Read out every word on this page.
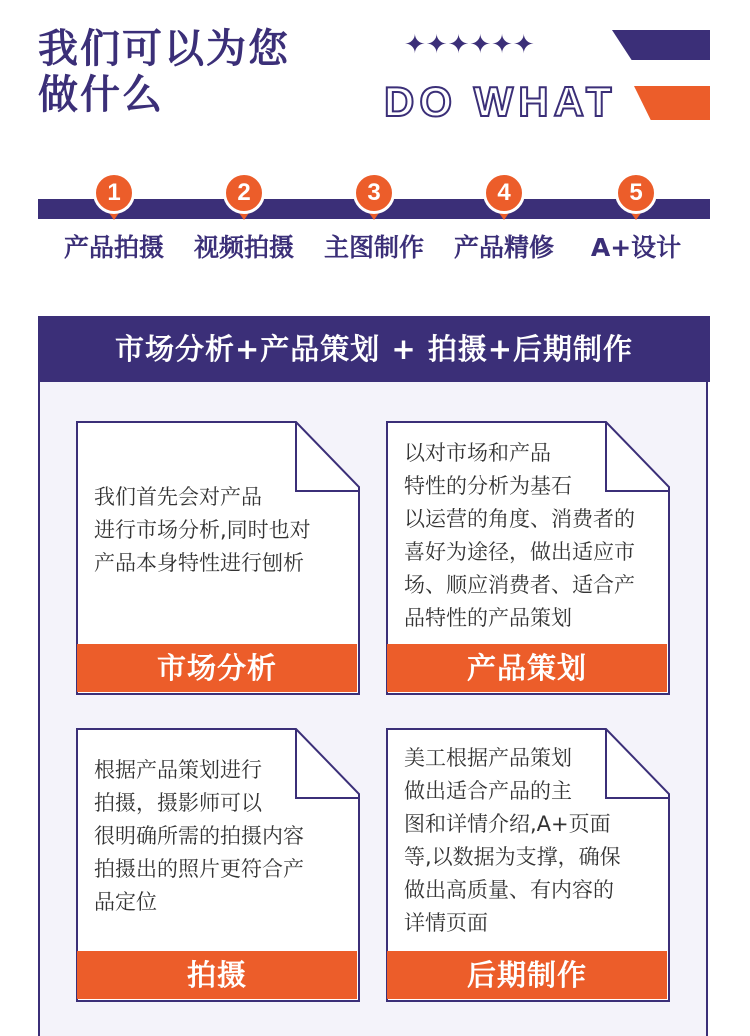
我们可以为您
做什么
✦✦✦✦✦✦
DO WHAT
1
产品拍摄
2
视频拍摄
3
主图制作
4
产品精修
5
A+设计
市场分析+产品策划 + 拍摄+后期制作
我们首先会对产品
进行市场分析,同时也对
产品本身特性进行刨析
市场分析
以对市场和产品
特性的分析为基石
以运营的角度、消费者的
喜好为途径，做出适应市
场、顺应消费者、适合产
品特性的产品策划
产品策划
根据产品策划进行
拍摄，摄影师可以
很明确所需的拍摄内容
拍摄出的照片更符合产
品定位
拍摄
美工根据产品策划
做出适合产品的主
图和详情介绍,A+页面
等,以数据为支撑，确保
做出高质量、有内容的
详情页面
后期制作
